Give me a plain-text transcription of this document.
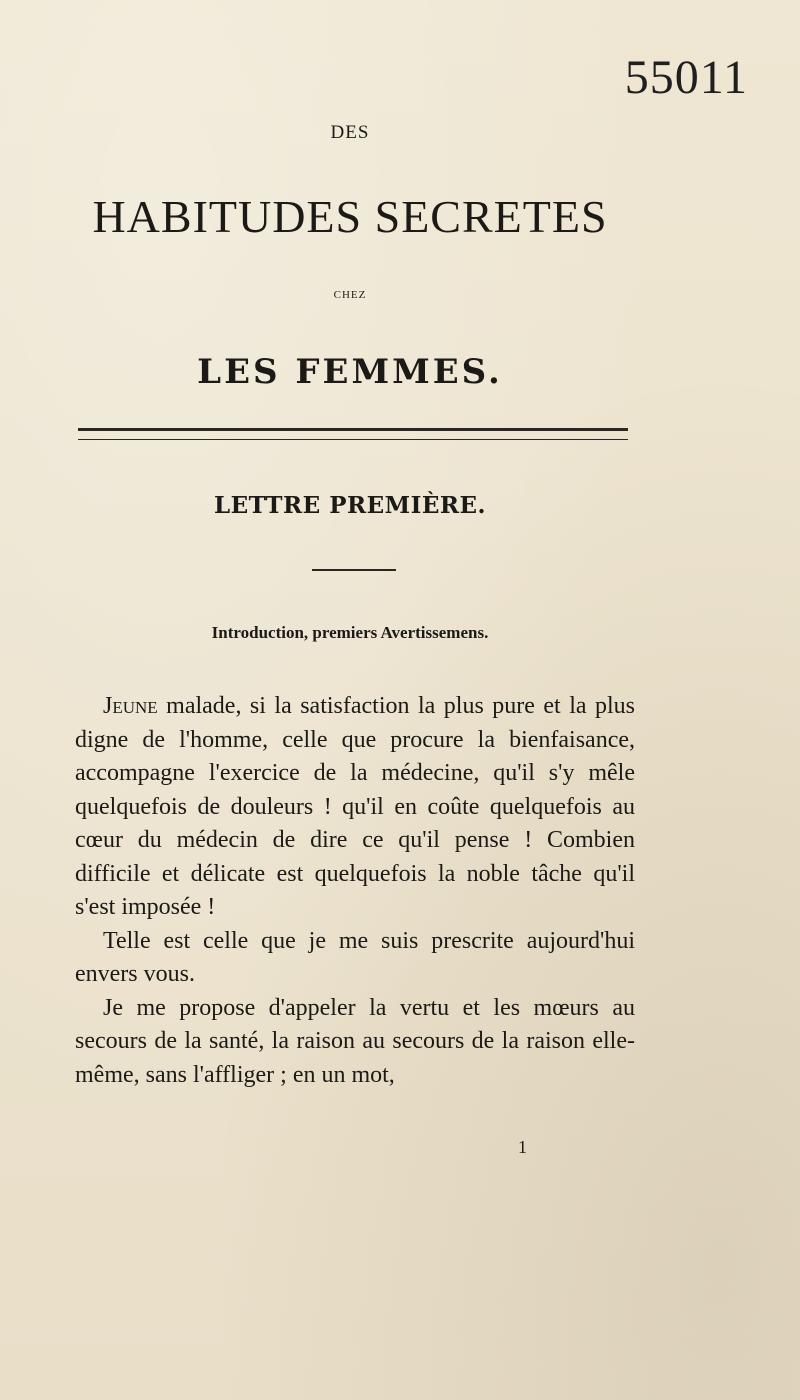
55011
DES
HABITUDES SECRETES
CHEZ
LES FEMMES.
LETTRE PREMIÈRE.
Introduction, premiers Avertissemens.

Jeune malade, si la satisfaction la plus pure et la plus digne de l'homme, celle que procure la bienfaisance, accompagne l'exercice de la médecine, qu'il s'y mêle quelquefois de douleurs ! qu'il en coûte quelquefois au cœur du médecin de dire ce qu'il pense ! Combien difficile et délicate est quelquefois la noble tâche qu'il s'est imposée !

Telle est celle que je me suis prescrite aujourd'hui envers vous.

Je me propose d'appeler la vertu et les mœurs au secours de la santé, la raison au secours de la raison elle-même, sans l'affliger ; en un mot,

1
